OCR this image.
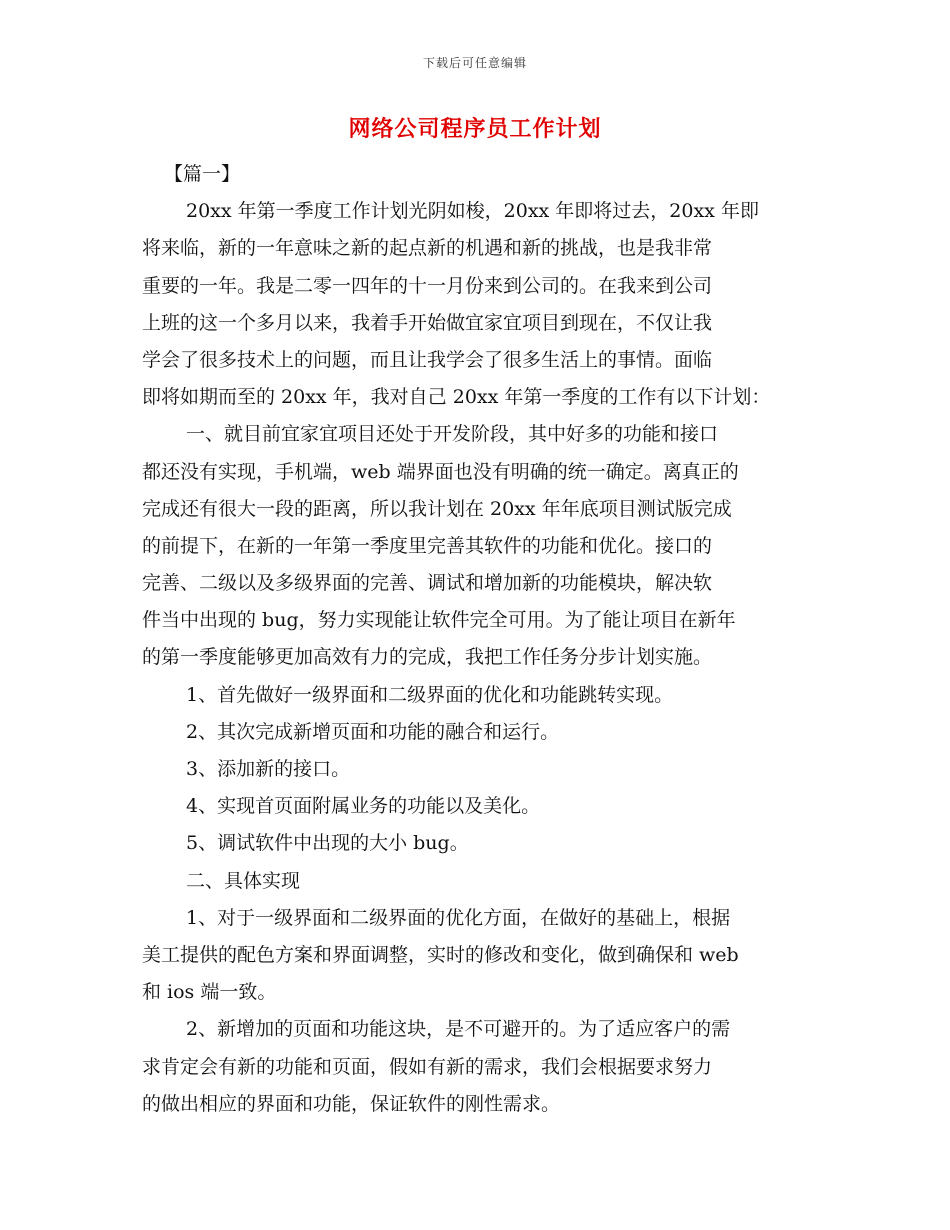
下载后可任意编辑
网络公司程序员工作计划
【篇一】
20xx 年第一季度工作计划光阴如梭，20xx 年即将过去，20xx 年即
将来临，新的一年意味之新的起点新的机遇和新的挑战，也是我非常
重要的一年。我是二零一四年的十一月份来到公司的。在我来到公司
上班的这一个多月以来，我着手开始做宜家宜项目到现在，不仅让我
学会了很多技术上的问题，而且让我学会了很多生活上的事情。面临
即将如期而至的 20xx 年，我对自己 20xx 年第一季度的工作有以下计划：
一、就目前宜家宜项目还处于开发阶段，其中好多的功能和接口
都还没有实现，手机端，web 端界面也没有明确的统一确定。离真正的
完成还有很大一段的距离，所以我计划在 20xx 年年底项目测试版完成
的前提下，在新的一年第一季度里完善其软件的功能和优化。接口的
完善、二级以及多级界面的完善、调试和增加新的功能模块，解决软
件当中出现的 bug，努力实现能让软件完全可用。为了能让项目在新年
的第一季度能够更加高效有力的完成，我把工作任务分步计划实施。
1、首先做好一级界面和二级界面的优化和功能跳转实现。
2、其次完成新增页面和功能的融合和运行。
3、添加新的接口。
4、实现首页面附属业务的功能以及美化。
5、调试软件中出现的大小 bug。
二、具体实现
1、对于一级界面和二级界面的优化方面，在做好的基础上，根据
美工提供的配色方案和界面调整，实时的修改和变化，做到确保和 web
和 ios 端一致。
2、新增加的页面和功能这块，是不可避开的。为了适应客户的需
求肯定会有新的功能和页面，假如有新的需求，我们会根据要求努力
的做出相应的界面和功能，保证软件的刚性需求。
